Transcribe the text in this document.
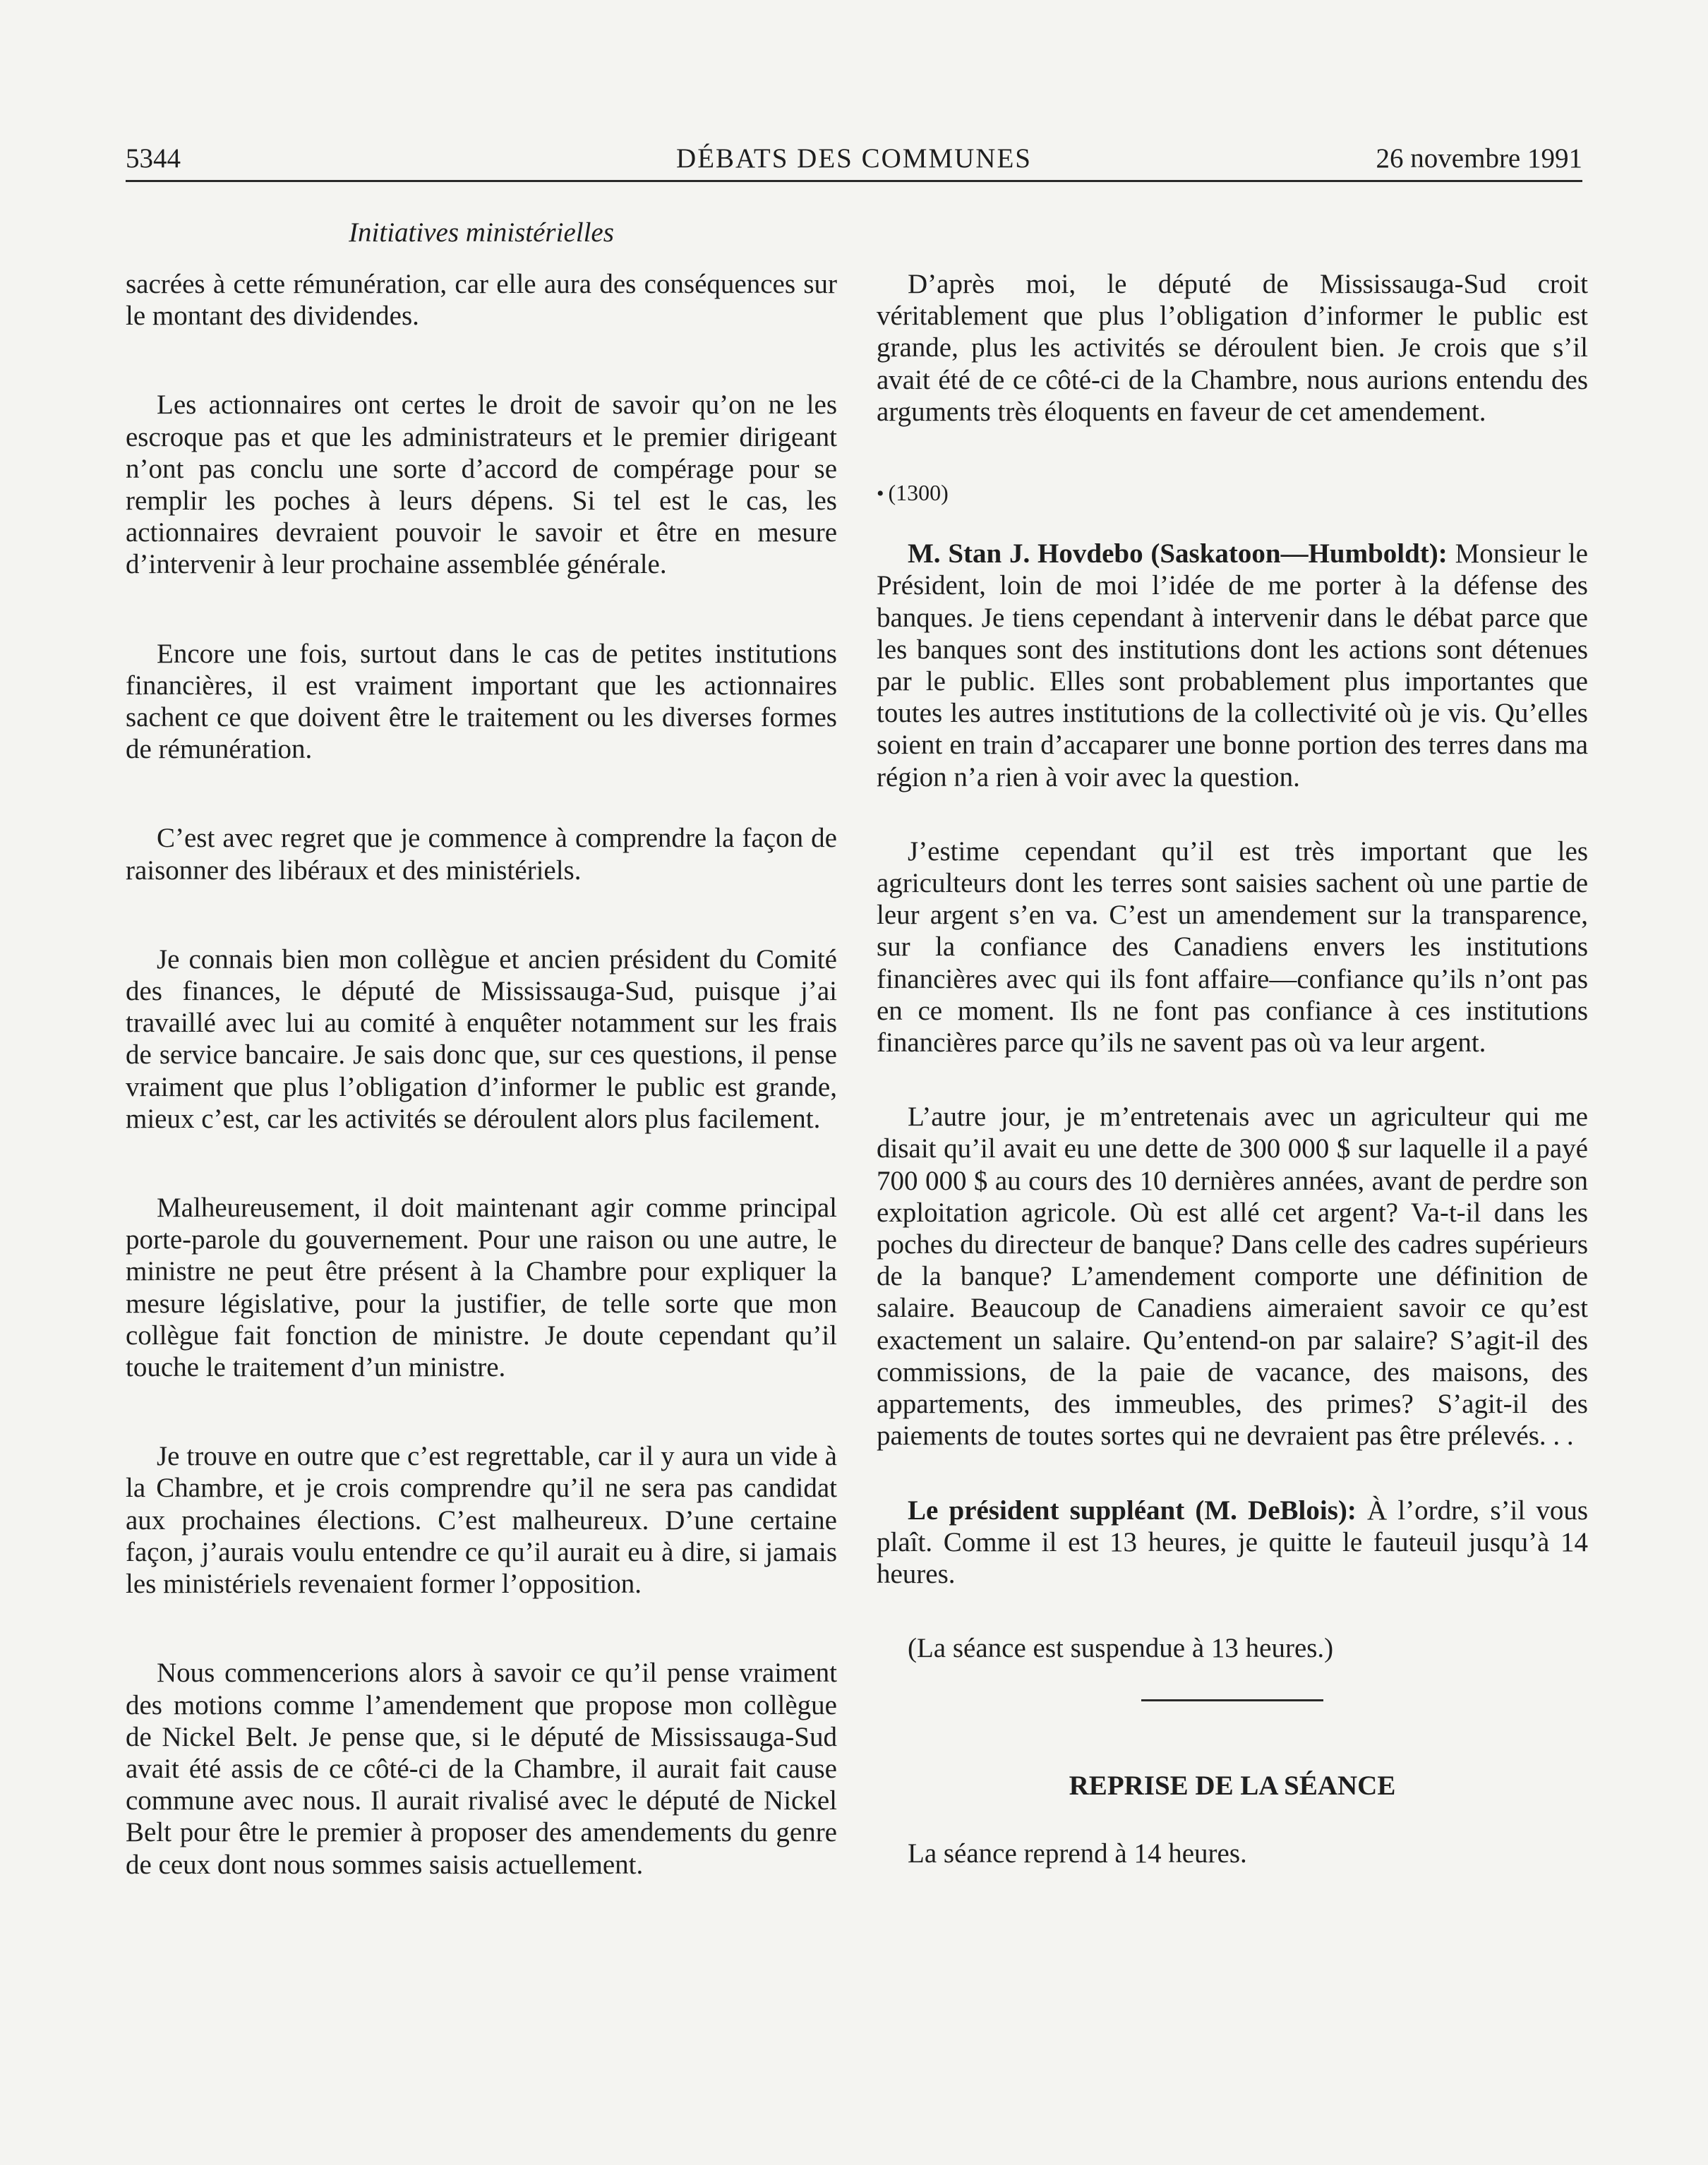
5344	DÉBATS DES COMMUNES	26 novembre 1991
Initiatives ministérielles

sacrées à cette rémunération, car elle aura des conséquences sur le montant des dividendes.

Les actionnaires ont certes le droit de savoir qu’on ne les escroque pas et que les administrateurs et le premier dirigeant n’ont pas conclu une sorte d’accord de compérage pour se remplir les poches à leurs dépens. Si tel est le cas, les actionnaires devraient pouvoir le savoir et être en mesure d’intervenir à leur prochaine assemblée générale.

Encore une fois, surtout dans le cas de petites institutions financières, il est vraiment important que les actionnaires sachent ce que doivent être le traitement ou les diverses formes de rémunération.

C’est avec regret que je commence à comprendre la façon de raisonner des libéraux et des ministériels.

Je connais bien mon collègue et ancien président du Comité des finances, le député de Mississauga-Sud, puisque j’ai travaillé avec lui au comité à enquêter notamment sur les frais de service bancaire. Je sais donc que, sur ces questions, il pense vraiment que plus l’obligation d’informer le public est grande, mieux c’est, car les activités se déroulent alors plus facilement.

Malheureusement, il doit maintenant agir comme principal porte-parole du gouvernement. Pour une raison ou une autre, le ministre ne peut être présent à la Chambre pour expliquer la mesure législative, pour la justifier, de telle sorte que mon collègue fait fonction de ministre. Je doute cependant qu’il touche le traitement d’un ministre.

Je trouve en outre que c’est regrettable, car il y aura un vide à la Chambre, et je crois comprendre qu’il ne sera pas candidat aux prochaines élections. C’est malheureux. D’une certaine façon, j’aurais voulu entendre ce qu’il aurait eu à dire, si jamais les ministériels revenaient former l’opposition.

Nous commencerions alors à savoir ce qu’il pense vraiment des motions comme l’amendement que propose mon collègue de Nickel Belt. Je pense que, si le député de Mississauga-Sud avait été assis de ce côté-ci de la Chambre, il aurait fait cause commune avec nous. Il aurait rivalisé avec le député de Nickel Belt pour être le premier à proposer des amendements du genre de ceux dont nous sommes saisis actuellement.

D’après moi, le député de Mississauga-Sud croit véritablement que plus l’obligation d’informer le public est grande, plus les activités se déroulent bien. Je crois que s’il avait été de ce côté-ci de la Chambre, nous aurions entendu des arguments très éloquents en faveur de cet amendement.

• (1300)

M. Stan J. Hovdebo (Saskatoon—Humboldt): Monsieur le Président, loin de moi l’idée de me porter à la défense des banques. Je tiens cependant à intervenir dans le débat parce que les banques sont des institutions dont les actions sont détenues par le public. Elles sont probablement plus importantes que toutes les autres institutions de la collectivité où je vis. Qu’elles soient en train d’accaparer une bonne portion des terres dans ma région n’a rien à voir avec la question.

J’estime cependant qu’il est très important que les agriculteurs dont les terres sont saisies sachent où une partie de leur argent s’en va. C’est un amendement sur la transparence, sur la confiance des Canadiens envers les institutions financières avec qui ils font affaire—confiance qu’ils n’ont pas en ce moment. Ils ne font pas confiance à ces institutions financières parce qu’ils ne savent pas où va leur argent.

L’autre jour, je m’entretenais avec un agriculteur qui me disait qu’il avait eu une dette de 300 000 $ sur laquelle il a payé 700 000 $ au cours des 10 dernières années, avant de perdre son exploitation agricole. Où est allé cet argent? Va-t-il dans les poches du directeur de banque? Dans celle des cadres supérieurs de la banque? L’amendement comporte une définition de salaire. Beaucoup de Canadiens aimeraient savoir ce qu’est exactement un salaire. Qu’entend-on par salaire? S’agit-il des commissions, de la paie de vacance, des maisons, des appartements, des immeubles, des primes? S’agit-il des paiements de toutes sortes qui ne devraient pas être prélevés. . .

Le président suppléant (M. DeBlois): À l’ordre, s’il vous plaît. Comme il est 13 heures, je quitte le fauteuil jusqu’à 14 heures.

(La séance est suspendue à 13 heures.)

REPRISE DE LA SÉANCE

La séance reprend à 14 heures.
